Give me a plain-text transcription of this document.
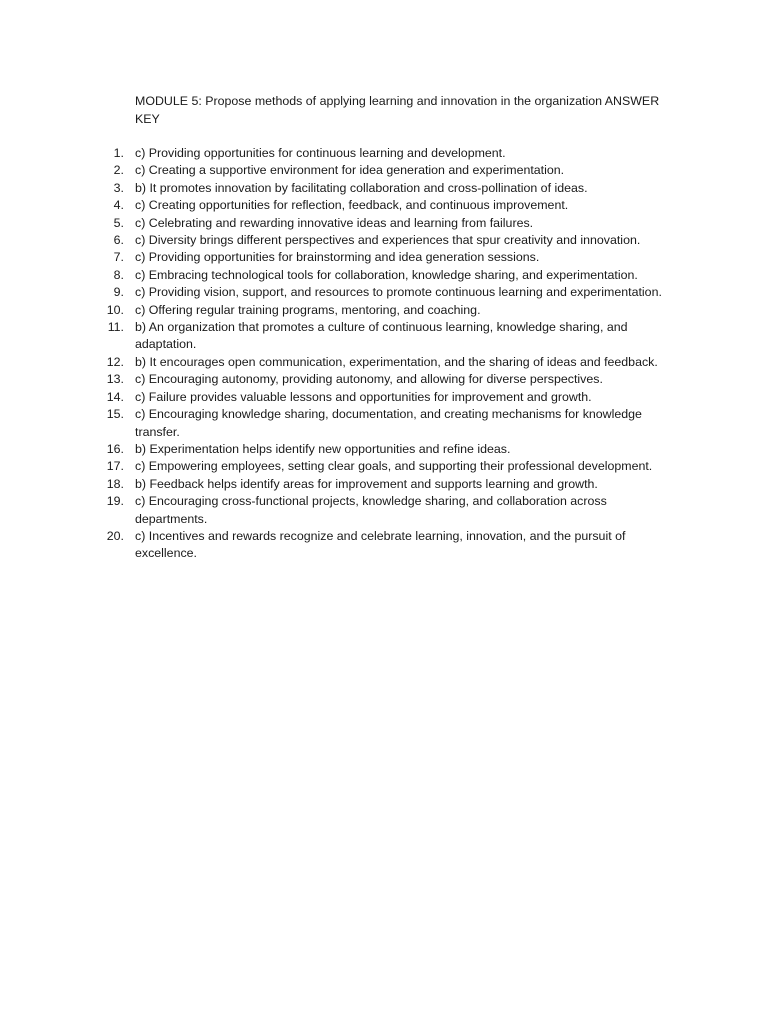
MODULE 5: Propose methods of applying learning and innovation in the organization ANSWER KEY

1. c) Providing opportunities for continuous learning and development.
2. c) Creating a supportive environment for idea generation and experimentation.
3. b) It promotes innovation by facilitating collaboration and cross-pollination of ideas.
4. c) Creating opportunities for reflection, feedback, and continuous improvement.
5. c) Celebrating and rewarding innovative ideas and learning from failures.
6. c) Diversity brings different perspectives and experiences that spur creativity and innovation.
7. c) Providing opportunities for brainstorming and idea generation sessions.
8. c) Embracing technological tools for collaboration, knowledge sharing, and experimentation.
9. c) Providing vision, support, and resources to promote continuous learning and experimentation.
10. c) Offering regular training programs, mentoring, and coaching.
11. b) An organization that promotes a culture of continuous learning, knowledge sharing, and adaptation.
12. b) It encourages open communication, experimentation, and the sharing of ideas and feedback.
13. c) Encouraging autonomy, providing autonomy, and allowing for diverse perspectives.
14. c) Failure provides valuable lessons and opportunities for improvement and growth.
15. c) Encouraging knowledge sharing, documentation, and creating mechanisms for knowledge transfer.
16. b) Experimentation helps identify new opportunities and refine ideas.
17. c) Empowering employees, setting clear goals, and supporting their professional development.
18. b) Feedback helps identify areas for improvement and supports learning and growth.
19. c) Encouraging cross-functional projects, knowledge sharing, and collaboration across departments.
20. c) Incentives and rewards recognize and celebrate learning, innovation, and the pursuit of excellence.
